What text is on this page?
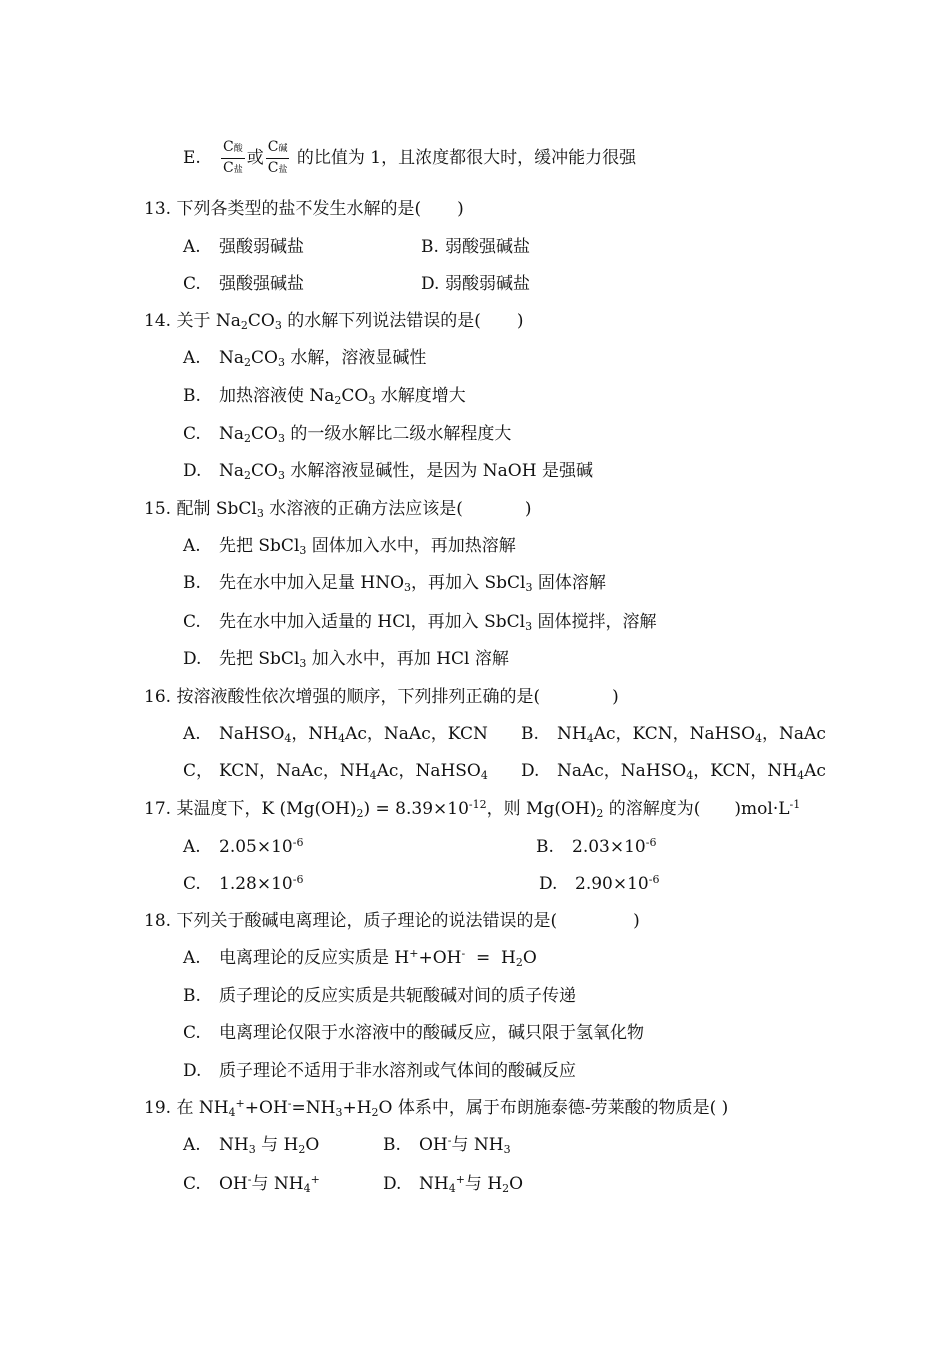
E. $\frac{\text{C酸}}{\text{C盐}}$ 或 $\frac{\text{C碱}}{\text{C盐}}$ 的比值为 1，且浓度都很大时，缓冲能力很强
13. 下列各类型的盐不发生水解的是( )
A. 强酸弱碱盐	B. 弱酸强碱盐
C. 强酸强碱盐	D. 弱酸弱碱盐
14. 关于 $Na_2CO_3$ 的水解下列说法错误的是( )
A. $Na_2CO_3$ 水解，溶液显碱性
B. 加热溶液使 $Na_2CO_3$ 水解度增大
C. $Na_2CO_3$ 的一级水解比二级水解程度大
D. $Na_2CO_3$ 水解溶液显碱性，是因为 NaOH 是强碱
15. 配制 SbCl$_3$ 水溶液的正确方法应该是(	)
A. 先把 SbCl$_3$ 固体加入水中，再加热溶解
B. 先在水中加入足量 $HNO_3$，再加入 SbCl$_3$ 固体溶解
C. 先在水中加入适量的 HCl，再加入 SbCl$_3$ 固体搅拌，溶解
D. 先把 SbCl$_3$ 加入水中，再加 HCl 溶解
16. 按溶液酸性依次增强的顺序，下列排列正确的是(	)
A. NaHSO$_4$，$NH_4Ac$，NaAc，KCN B. $NH_4Ac$，KCN，NaHSO$_4$，NaAc
C， KCN，NaAc，$NH_4Ac$，NaHSO$_4$ D. NaAc，NaHSO$_4$，KCN，$NH_4Ac$
17. 某温度下，K $(Mg(OH)_2) = 8.39\times 10^{-12}$，则 $Mg(OH)_2$ 的溶解度为( )$mol\cdot L^{-1}$
A. $2.05\times 10^{-6}$	B. $2.03\times 10^{-6}$
C. $1.28\times 10^{-6}$	D. $2.90\times 10^{-6}$
18. 下列关于酸碱电离理论，质子理论的说法错误的是(	)
A. 电离理论的反应实质是 $H^++OH^- = H_2O$
B. 质子理论的反应实质是共轭酸碱对间的质子传递
C. 电离理论仅限于水溶液中的酸碱反应，碱只限于氢氧化物
D. 质子理论不适用于非水溶剂或气体间的酸碱反应
19. 在 $NH_4^++OH^-=NH_3+H_2O$ 体系中，属于布朗施泰德-劳莱酸的物质是( )
A. $NH_3$ 与 $H_2O$	B. OH-与 $NH_3$
C. OH-与 $NH_4^+$	D. $NH_4^+$与 $H_2O$
